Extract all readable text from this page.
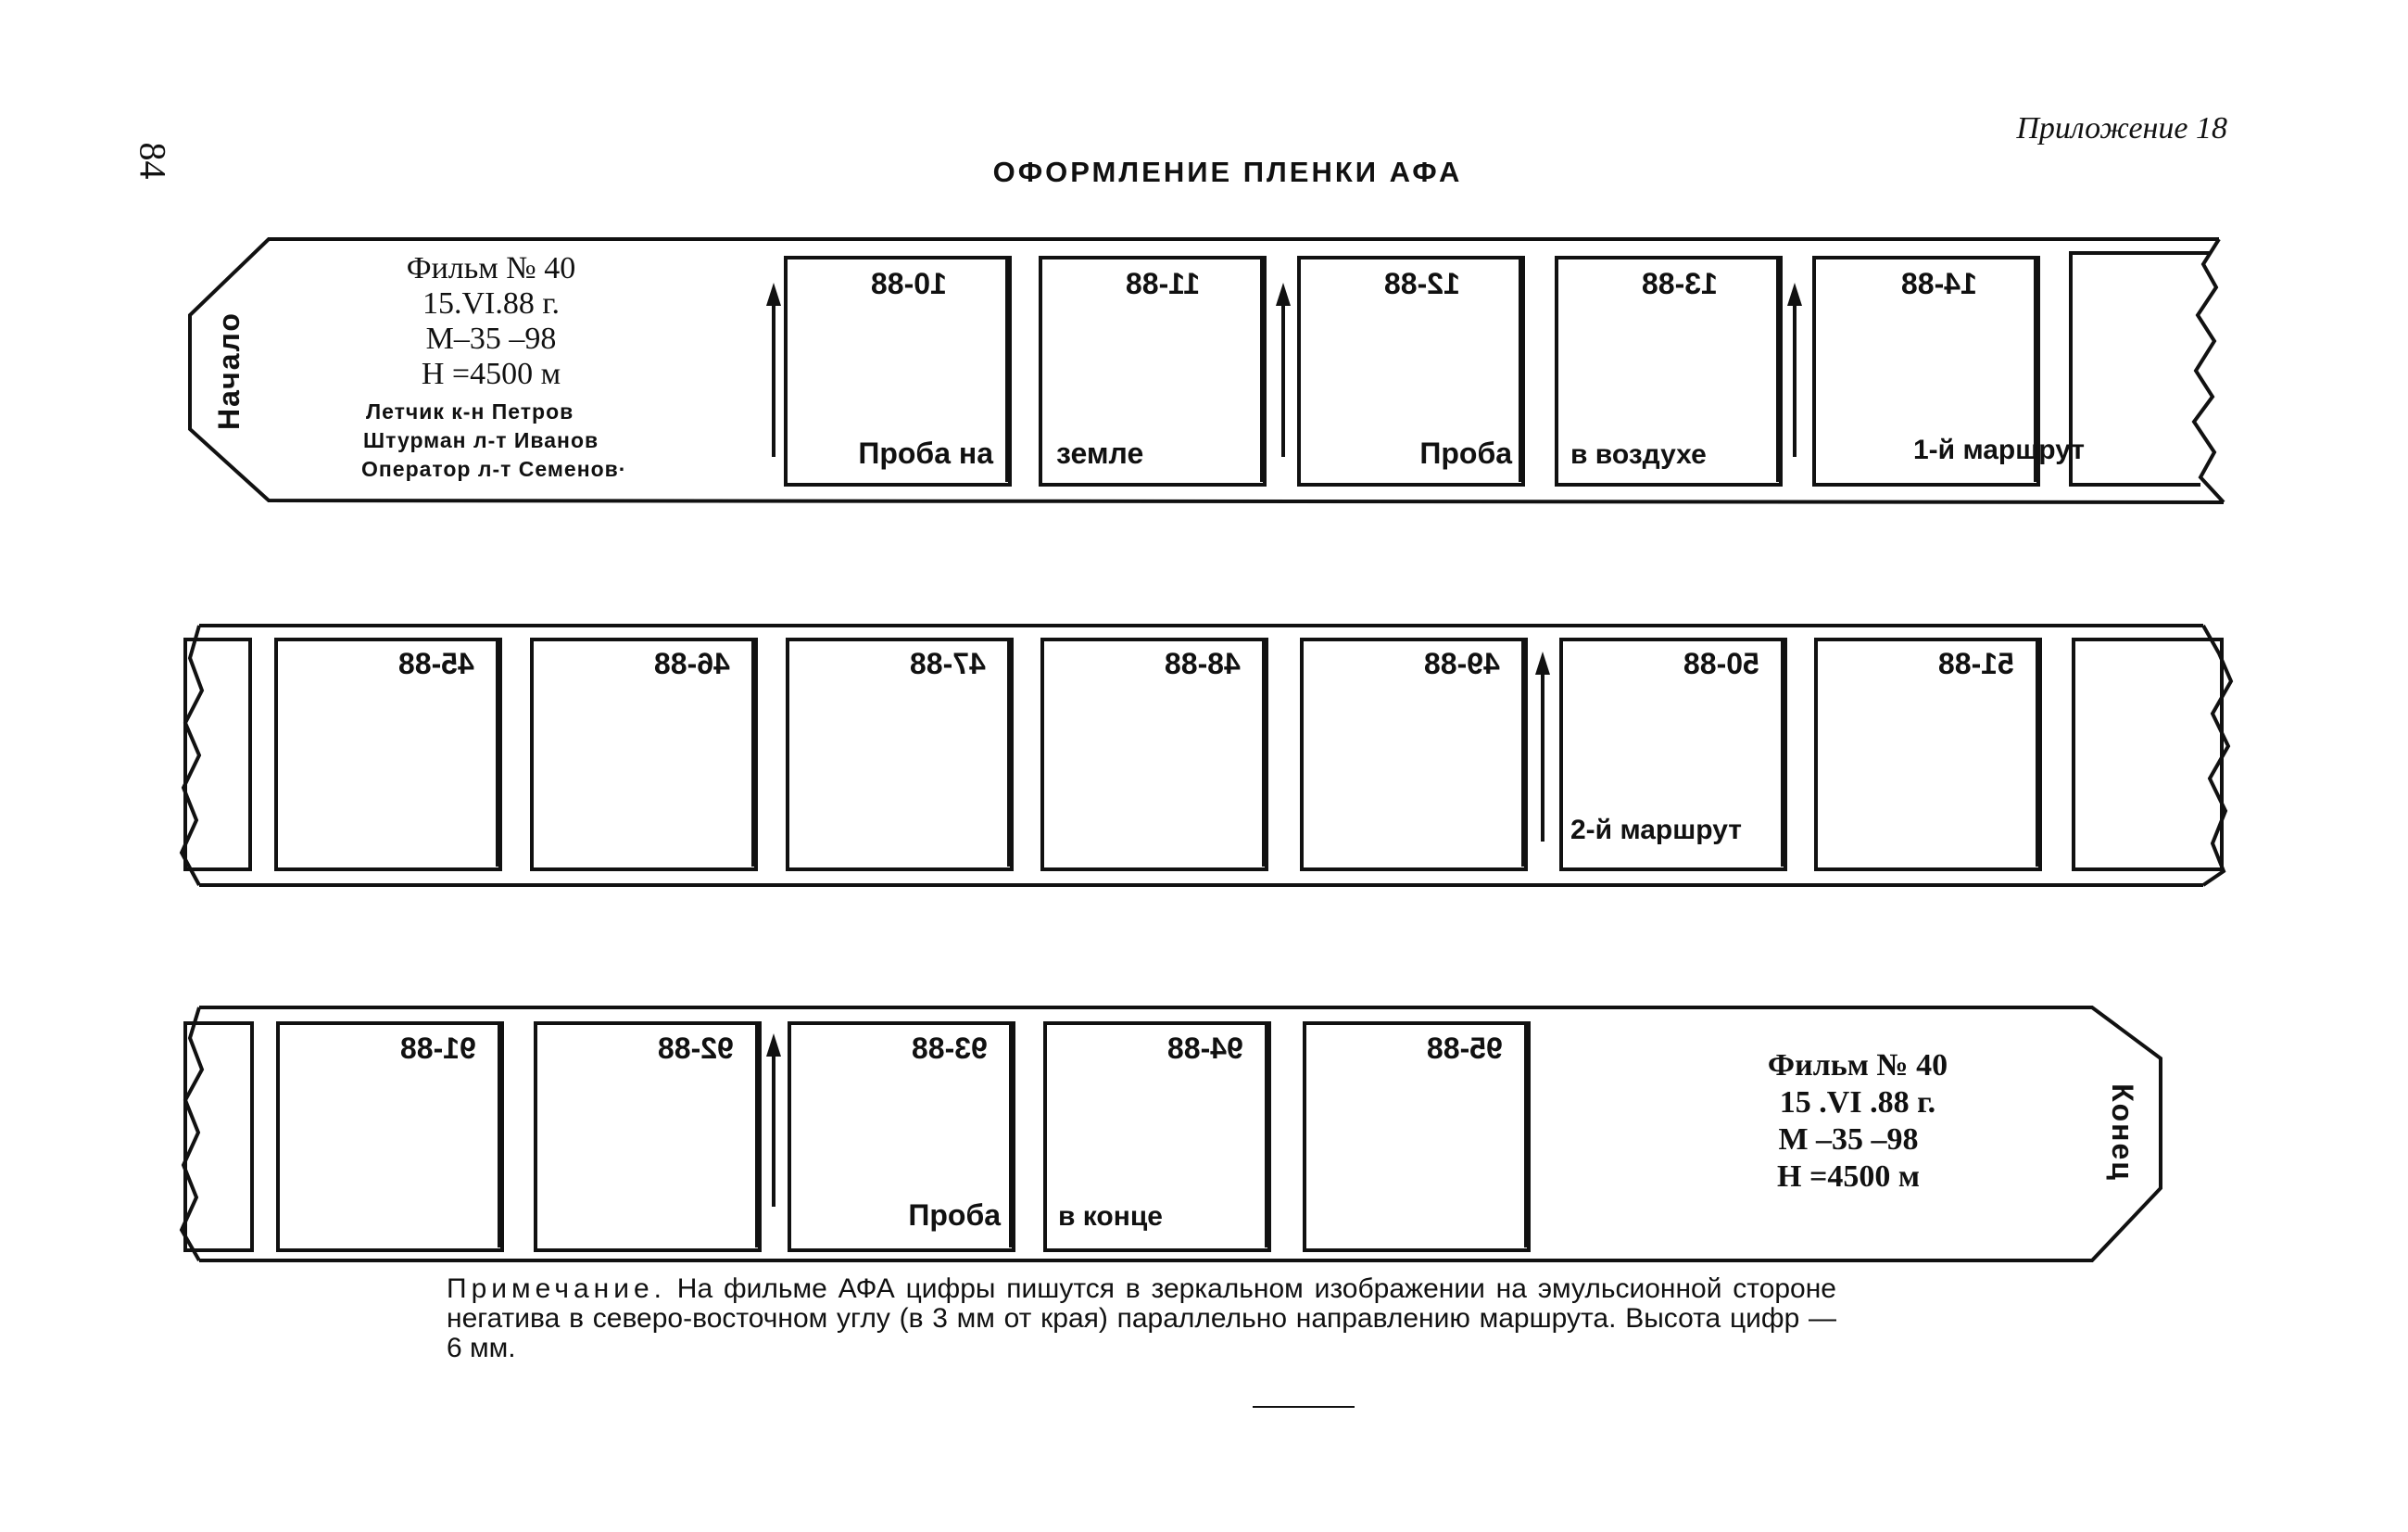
84
Приложение 18
ОФОРМЛЕНИЕ ПЛЕНКИ АФА
Начало
Фильм № 40
15.VI.88 г.
М–35 –98
Н =4500 м
Летчик к-н Петров
Штурман л-т Иванов
Оператор л-т Семенов·
10-88
Проба на
11-88
земле
12-88
Проба
13-88
в воздухе
14-88
1-й маршрут
45-88	46-88	47-88	48-88	49-88	50-88
2-й маршрут
51-88
91-88	92-88	93-88
Проба
94-88
в конце
95-88	Фильм № 40
15 .VI .88 г.
М –35 –98
Н =4500 м	Конец
Примечание. На фильме АФА цифры пишутся в зеркальном изображении на эмульсионной стороне негатива в северо-восточном углу (в 3 мм от края) параллельно направлению маршрута. Высота цифр — 6 мм.
